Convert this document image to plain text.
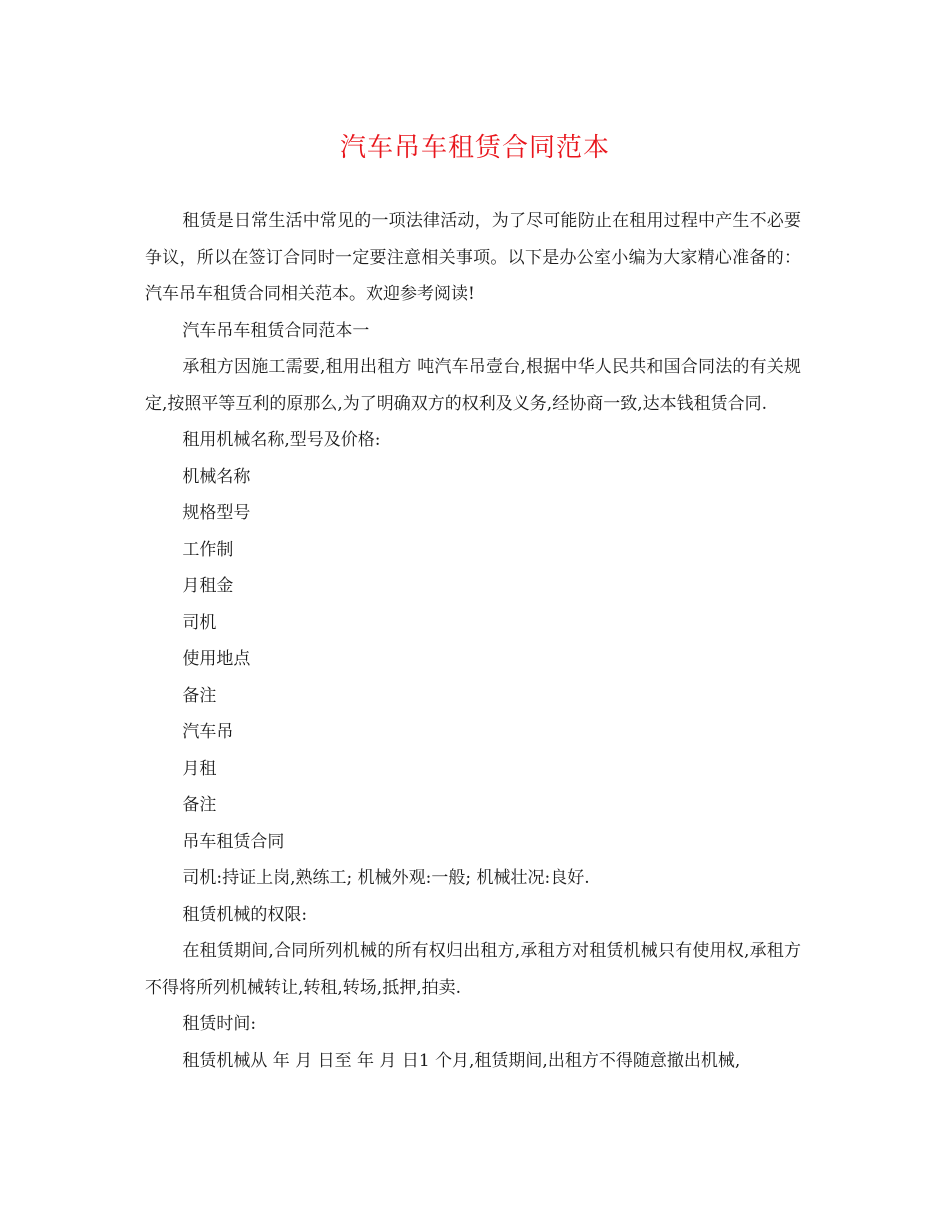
汽车吊车租赁合同范本

租赁是日常生活中常见的一项法律活动，为了尽可能防止在租用过程中产生不必要争议，所以在签订合同时一定要注意相关事项。以下是办公室小编为大家精心准备的：汽车吊车租赁合同相关范本。欢迎参考阅读!

汽车吊车租赁合同范本一

承租方因施工需要,租用出租方 吨汽车吊壹台,根据中华人民共和国合同法的有关规定,按照平等互利的原那么,为了明确双方的权利及义务,经协商一致,达本钱租赁合同.

租用机械名称,型号及价格:

机械名称

规格型号

工作制

月租金

司机

使用地点

备注

汽车吊

月租

备注

吊车租赁合同

司机:持证上岗,熟练工; 机械外观:一般; 机械壮况:良好.

租赁机械的权限:

在租赁期间,合同所列机械的所有权归出租方,承租方对租赁机械只有使用权,承租方不得将所列机械转让,转租,转场,抵押,拍卖.

租赁时间:

租赁机械从 年 月 日至 年 月 日1 个月,租赁期间,出租方不得随意撤出机械,
